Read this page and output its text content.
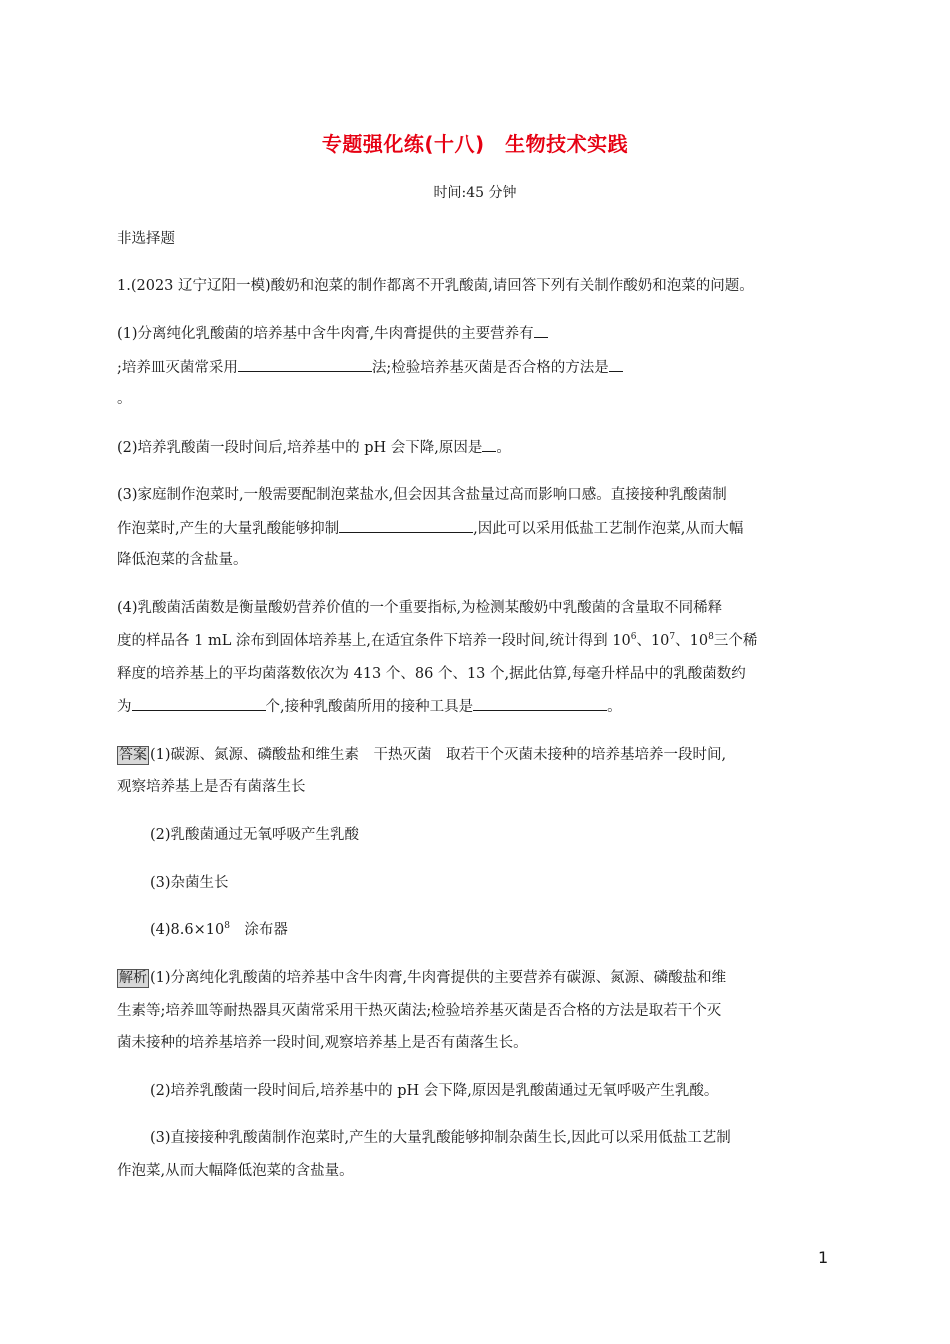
专题强化练(十八)　生物技术实践
时间:45 分钟
非选择题
1.(2023 辽宁辽阳一模)酸奶和泡菜的制作都离不开乳酸菌,请回答下列有关制作酸奶和泡菜的问题。
(1)分离纯化乳酸菌的培养基中含牛肉膏,牛肉膏提供的主要营养有
;培养皿灭菌常采用	法;检验培养基灭菌是否合格的方法是
。
(2)培养乳酸菌一段时间后,培养基中的 pH 会下降,原因是 。
(3)家庭制作泡菜时,一般需要配制泡菜盐水,但会因其含盐量过高而影响口感。直接接种乳酸菌制
作泡菜时,产生的大量乳酸能够抑制	,因此可以采用低盐工艺制作泡菜,从而大幅
降低泡菜的含盐量。
(4)乳酸菌活菌数是衡量酸奶营养价值的一个重要指标,为检测某酸奶中乳酸菌的含量取不同稀释
度的样品各 1 mL 涂布到固体培养基上,在适宜条件下培养一段时间,统计得到 $10^6$、$10^7$、$10^8$三个稀
释度的培养基上的平均菌落数依次为 413 个、86 个、13 个,据此估算,每毫升样品中的乳酸菌数约
为	个,接种乳酸菌所用的接种工具是	。
答案 (1)碳源、氮源、磷酸盐和维生素　干热灭菌　取若干个灭菌未接种的培养基培养一段时间,
观察培养基上是否有菌落生长
(2)乳酸菌通过无氧呼吸产生乳酸
(3)杂菌生长
$(4)8.6\times 10^8$　涂布器
解析 (1)分离纯化乳酸菌的培养基中含牛肉膏,牛肉膏提供的主要营养有碳源、氮源、磷酸盐和维
生素等;培养皿等耐热器具灭菌常采用干热灭菌法;检验培养基灭菌是否合格的方法是取若干个灭
菌未接种的培养基培养一段时间,观察培养基上是否有菌落生长。
(2)培养乳酸菌一段时间后,培养基中的 pH 会下降,原因是乳酸菌通过无氧呼吸产生乳酸。
(3)直接接种乳酸菌制作泡菜时,产生的大量乳酸能够抑制杂菌生长,因此可以采用低盐工艺制
作泡菜,从而大幅降低泡菜的含盐量。
1
